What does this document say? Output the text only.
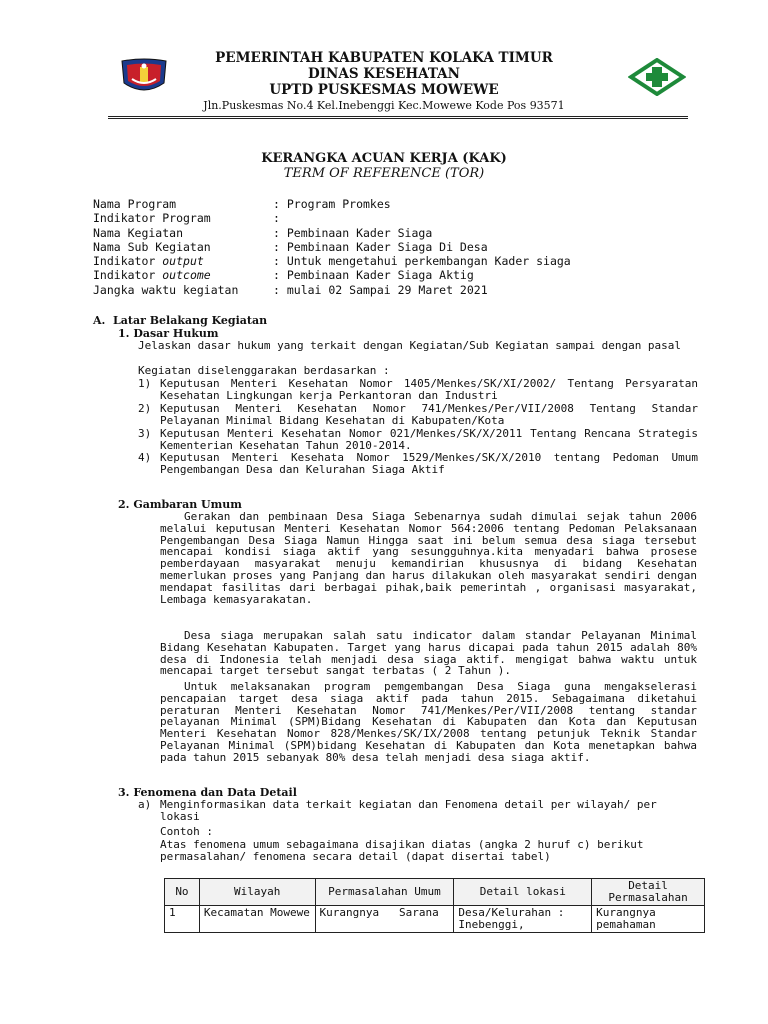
PEMERINTAH KABUPATEN KOLAKA TIMUR
DINAS KESEHATAN
UPTD PUSKESMAS MOWEWE
Jln.Puskesmas No.4 Kel.Inebenggi Kec.Mowewe Kode Pos 93571
KERANGKA ACUAN KERJA (KAK)
TERM OF REFERENCE (TOR)
Nama Program	: Program Promkes
Indikator Program	:
Nama Kegiatan	: Pembinaan Kader Siaga
Nama Sub Kegiatan	: Pembinaan Kader Siaga Di Desa
Indikator output	: Untuk mengetahui perkembangan Kader siaga
Indikator outcome	: Pembinaan Kader Siaga Aktig
Jangka waktu kegiatan	: mulai 02 Sampai 29 Maret 2021
A.  Latar Belakang Kegiatan
1. Dasar Hukum
Jelaskan dasar hukum yang terkait dengan Kegiatan/Sub Kegiatan sampai dengan pasal
Kegiatan diselenggarakan berdasarkan :
1) Keputusan Menteri Kesehatan Nomor 1405/Menkes/SK/XI/2002/ Tentang Persyaratan Kesehatan Lingkungan kerja Perkantoran dan Industri
2) Keputusan Menteri Kesehatan Nomor 741/Menkes/Per/VII/2008 Tentang Standar Pelayanan Minimal Bidang Kesehatan di Kabupaten/Kota
3) Keputusan Menteri Kesehatan Nomor 021/Menkes/SK/X/2011 Tentang Rencana Strategis Kementerian Kesehatan Tahun 2010-2014.
4) Keputusan Menteri Kesehata Nomor 1529/Menkes/SK/X/2010 tentang Pedoman Umum Pengembangan Desa dan Kelurahan Siaga Aktif
2. Gambaran Umum
Gerakan dan pembinaan Desa Siaga Sebenarnya sudah dimulai sejak tahun 2006 melalui keputusan Menteri Kesehatan Nomor 564:2006 tentang Pedoman Pelaksanaan Pengembangan Desa Siaga Namun Hingga saat ini belum semua desa siaga tersebut mencapai kondisi siaga aktif yang sesungguhnya.kita menyadari bahwa prosese pemberdayaan masyarakat menuju kemandirian khususnya di bidang Kesehatan memerlukan proses yang Panjang dan harus dilakukan oleh masyarakat sendiri dengan mendapat fasilitas dari berbagai pihak,baik pemerintah , organisasi masyarakat, Lembaga kemasyarakatan.
Desa siaga merupakan salah satu indicator dalam standar Pelayanan Minimal Bidang Kesehatan Kabupaten. Target yang harus dicapai pada tahun 2015 adalah 80% desa di Indonesia telah menjadi desa siaga aktif. mengigat bahwa waktu untuk mencapai target tersebut sangat terbatas ( 2 Tahun ).
Untuk melaksanakan program pemgembangan Desa Siaga guna mengakselerasi pencapaian target desa siaga aktif pada tahun 2015. Sebagaimana diketahui peraturan Menteri Kesehatan Nomor 741/Menkes/Per/VII/2008 tentang standar pelayanan Minimal (SPM)Bidang Kesehatan di Kabupaten dan Kota dan Keputusan Menteri Kesehatan Nomor 828/Menkes/SK/IX/2008 tentang petunjuk Teknik Standar Pelayanan Minimal (SPM)bidang Kesehatan di Kabupaten dan Kota menetapkan bahwa pada tahun 2015 sebanyak 80% desa telah menjadi desa siaga aktif.
3. Fenomena dan Data Detail
a) Menginformasikan data terkait kegiatan dan Fenomena detail per wilayah/ per lokasi
Contoh :
Atas fenomena umum sebagaimana disajikan diatas (angka 2 huruf c) berikut permasalahan/ fenomena secara detail (dapat disertai tabel)
No	Wilayah	Permasalahan Umum	Detail lokasi	Detail Permasalahan
1	Kecamatan Mowewe	Kurangnya   Sarana	Desa/Kelurahan :    Inebenggi,	Kurangnya pemahaman
